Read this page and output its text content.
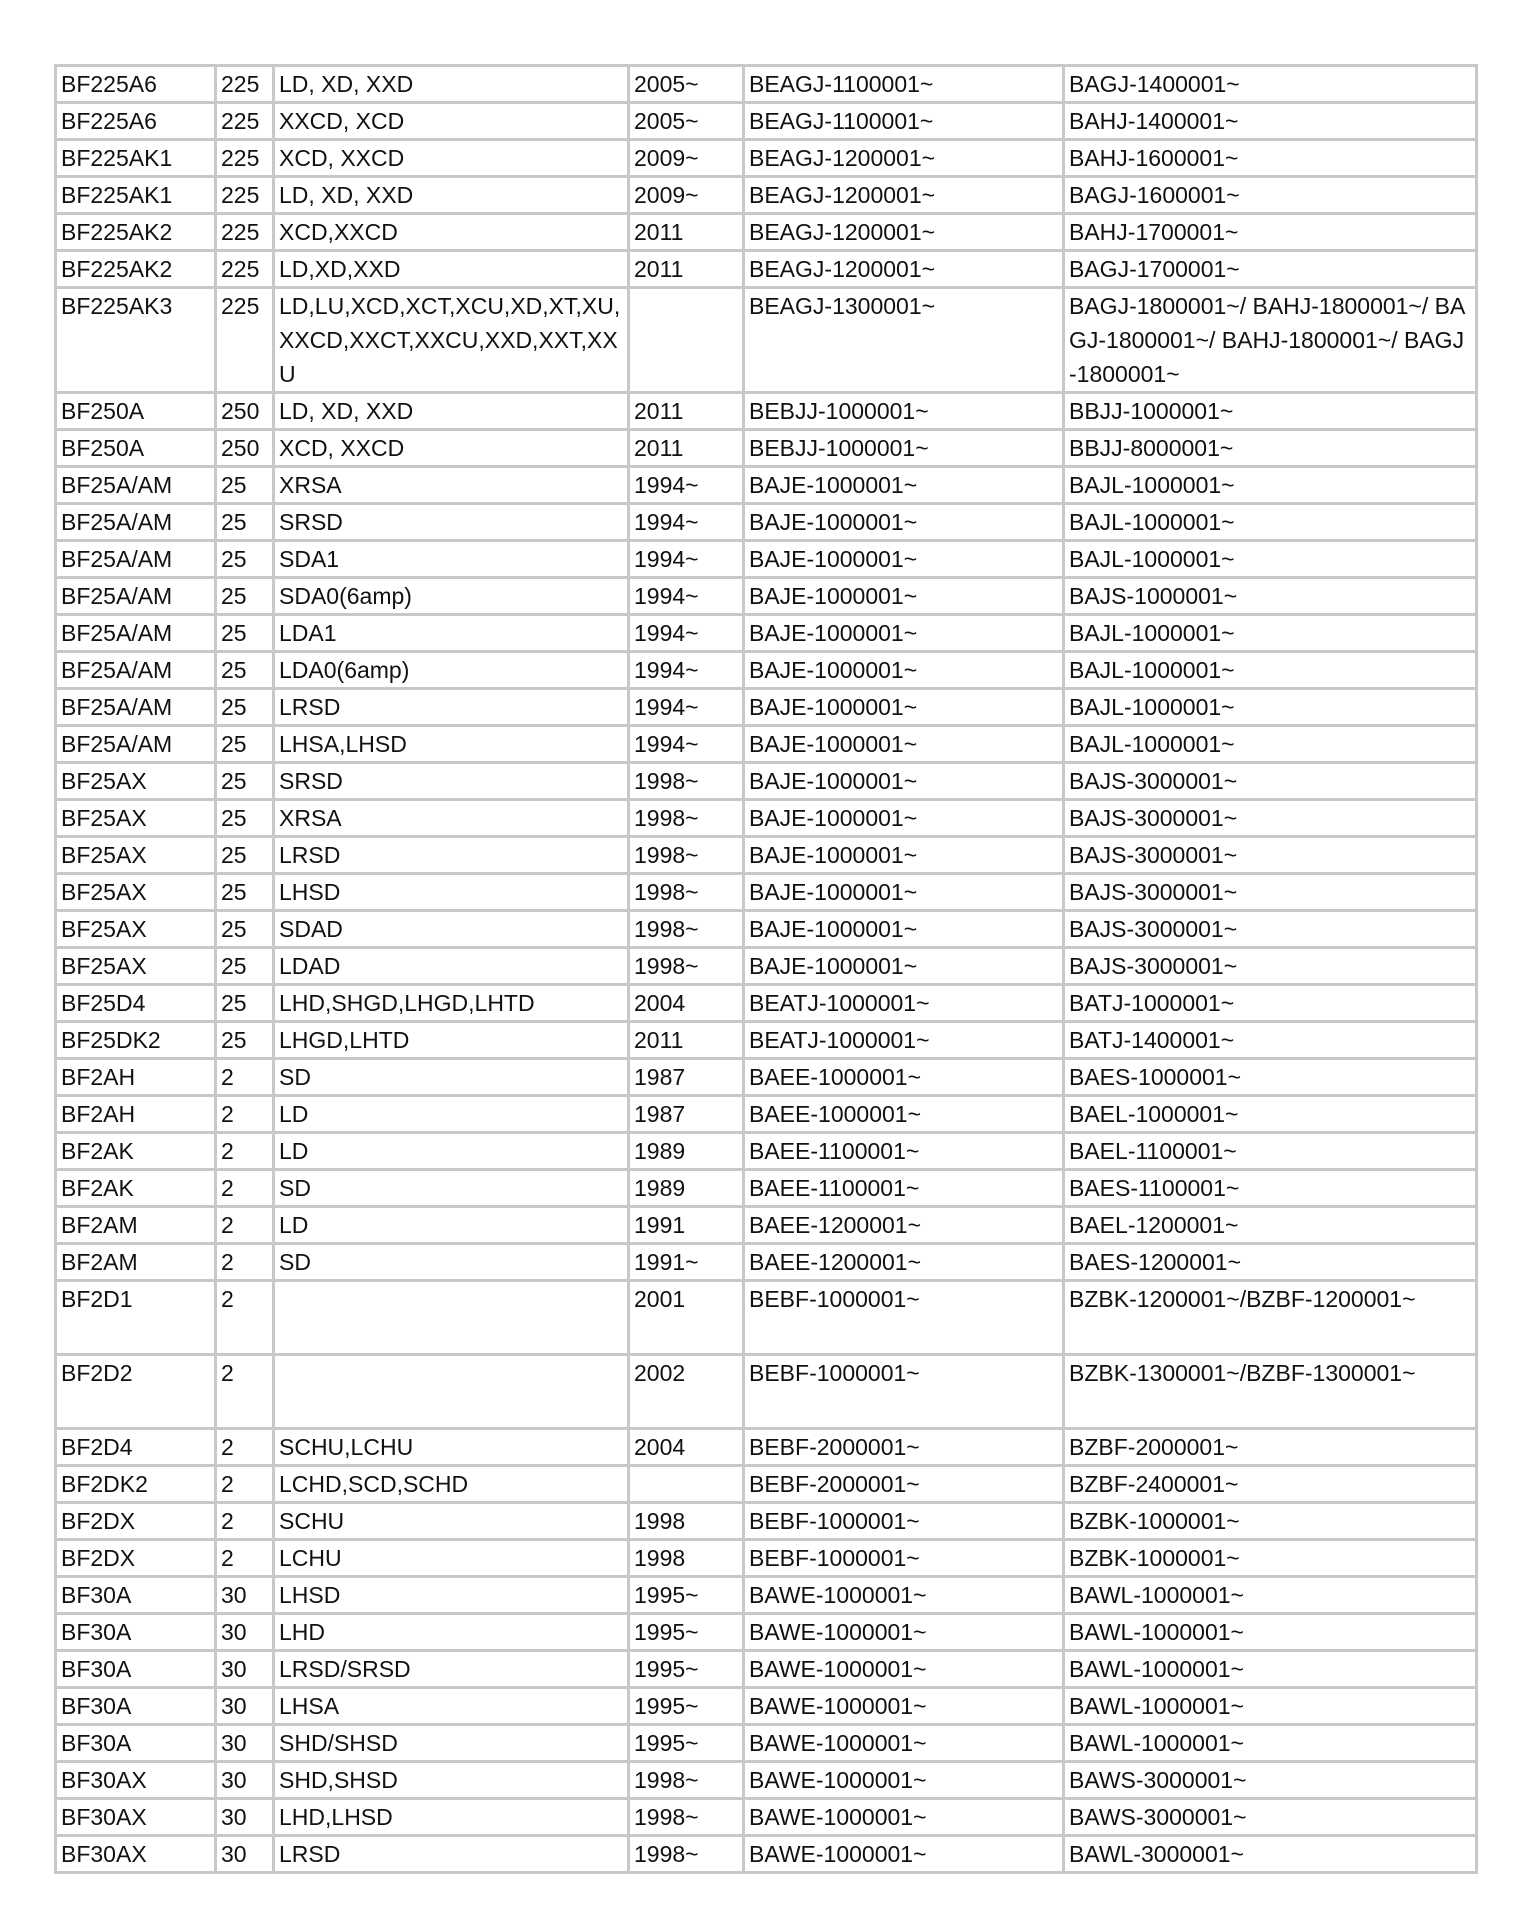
BF225A6	225	LD, XD, XXD	2005~	BEAGJ-1100001~	BAGJ-1400001~
BF225A6	225	XXCD, XCD	2005~	BEAGJ-1100001~	BAHJ-1400001~
BF225AK1	225	XCD, XXCD	2009~	BEAGJ-1200001~	BAHJ-1600001~
BF225AK1	225	LD, XD, XXD	2009~	BEAGJ-1200001~	BAGJ-1600001~
BF225AK2	225	XCD,XXCD	2011	BEAGJ-1200001~	BAHJ-1700001~
BF225AK2	225	LD,XD,XXD	2011	BEAGJ-1200001~	BAGJ-1700001~
BF225AK3	225	LD,LU,XCD,XCT,XCU,XD,XT,XU,XXCD,XXCT,XXCU,XXD,XXT,XXU		BEAGJ-1300001~	BAGJ-1800001~/ BAHJ-1800001~/ BAGJ-1800001~/ BAHJ-1800001~/ BAGJ-1800001~
BF250A	250	LD, XD, XXD	2011	BEBJJ-1000001~	BBJJ-1000001~
BF250A	250	XCD, XXCD	2011	BEBJJ-1000001~	BBJJ-8000001~
BF25A/AM	25	XRSA	1994~	BAJE-1000001~	BAJL-1000001~
BF25A/AM	25	SRSD	1994~	BAJE-1000001~	BAJL-1000001~
BF25A/AM	25	SDA1	1994~	BAJE-1000001~	BAJL-1000001~
BF25A/AM	25	SDA0(6amp)	1994~	BAJE-1000001~	BAJS-1000001~
BF25A/AM	25	LDA1	1994~	BAJE-1000001~	BAJL-1000001~
BF25A/AM	25	LDA0(6amp)	1994~	BAJE-1000001~	BAJL-1000001~
BF25A/AM	25	LRSD	1994~	BAJE-1000001~	BAJL-1000001~
BF25A/AM	25	LHSA,LHSD	1994~	BAJE-1000001~	BAJL-1000001~
BF25AX	25	SRSD	1998~	BAJE-1000001~	BAJS-3000001~
BF25AX	25	XRSA	1998~	BAJE-1000001~	BAJS-3000001~
BF25AX	25	LRSD	1998~	BAJE-1000001~	BAJS-3000001~
BF25AX	25	LHSD	1998~	BAJE-1000001~	BAJS-3000001~
BF25AX	25	SDAD	1998~	BAJE-1000001~	BAJS-3000001~
BF25AX	25	LDAD	1998~	BAJE-1000001~	BAJS-3000001~
BF25D4	25	LHD,SHGD,LHGD,LHTD	2004	BEATJ-1000001~	BATJ-1000001~
BF25DK2	25	LHGD,LHTD	2011	BEATJ-1000001~	BATJ-1400001~
BF2AH	2	SD	1987	BAEE-1000001~	BAES-1000001~
BF2AH	2	LD	1987	BAEE-1000001~	BAEL-1000001~
BF2AK	2	LD	1989	BAEE-1100001~	BAEL-1100001~
BF2AK	2	SD	1989	BAEE-1100001~	BAES-1100001~
BF2AM	2	LD	1991	BAEE-1200001~	BAEL-1200001~
BF2AM	2	SD	1991~	BAEE-1200001~	BAES-1200001~
BF2D1	2		2001	BEBF-1000001~	BZBK-1200001~/BZBF-1200001~
BF2D2	2		2002	BEBF-1000001~	BZBK-1300001~/BZBF-1300001~
BF2D4	2	SCHU,LCHU	2004	BEBF-2000001~	BZBF-2000001~
BF2DK2	2	LCHD,SCD,SCHD		BEBF-2000001~	BZBF-2400001~
BF2DX	2	SCHU	1998	BEBF-1000001~	BZBK-1000001~
BF2DX	2	LCHU	1998	BEBF-1000001~	BZBK-1000001~
BF30A	30	LHSD	1995~	BAWE-1000001~	BAWL-1000001~
BF30A	30	LHD	1995~	BAWE-1000001~	BAWL-1000001~
BF30A	30	LRSD/SRSD	1995~	BAWE-1000001~	BAWL-1000001~
BF30A	30	LHSA	1995~	BAWE-1000001~	BAWL-1000001~
BF30A	30	SHD/SHSD	1995~	BAWE-1000001~	BAWL-1000001~
BF30AX	30	SHD,SHSD	1998~	BAWE-1000001~	BAWS-3000001~
BF30AX	30	LHD,LHSD	1998~	BAWE-1000001~	BAWS-3000001~
BF30AX	30	LRSD	1998~	BAWE-1000001~	BAWL-3000001~
